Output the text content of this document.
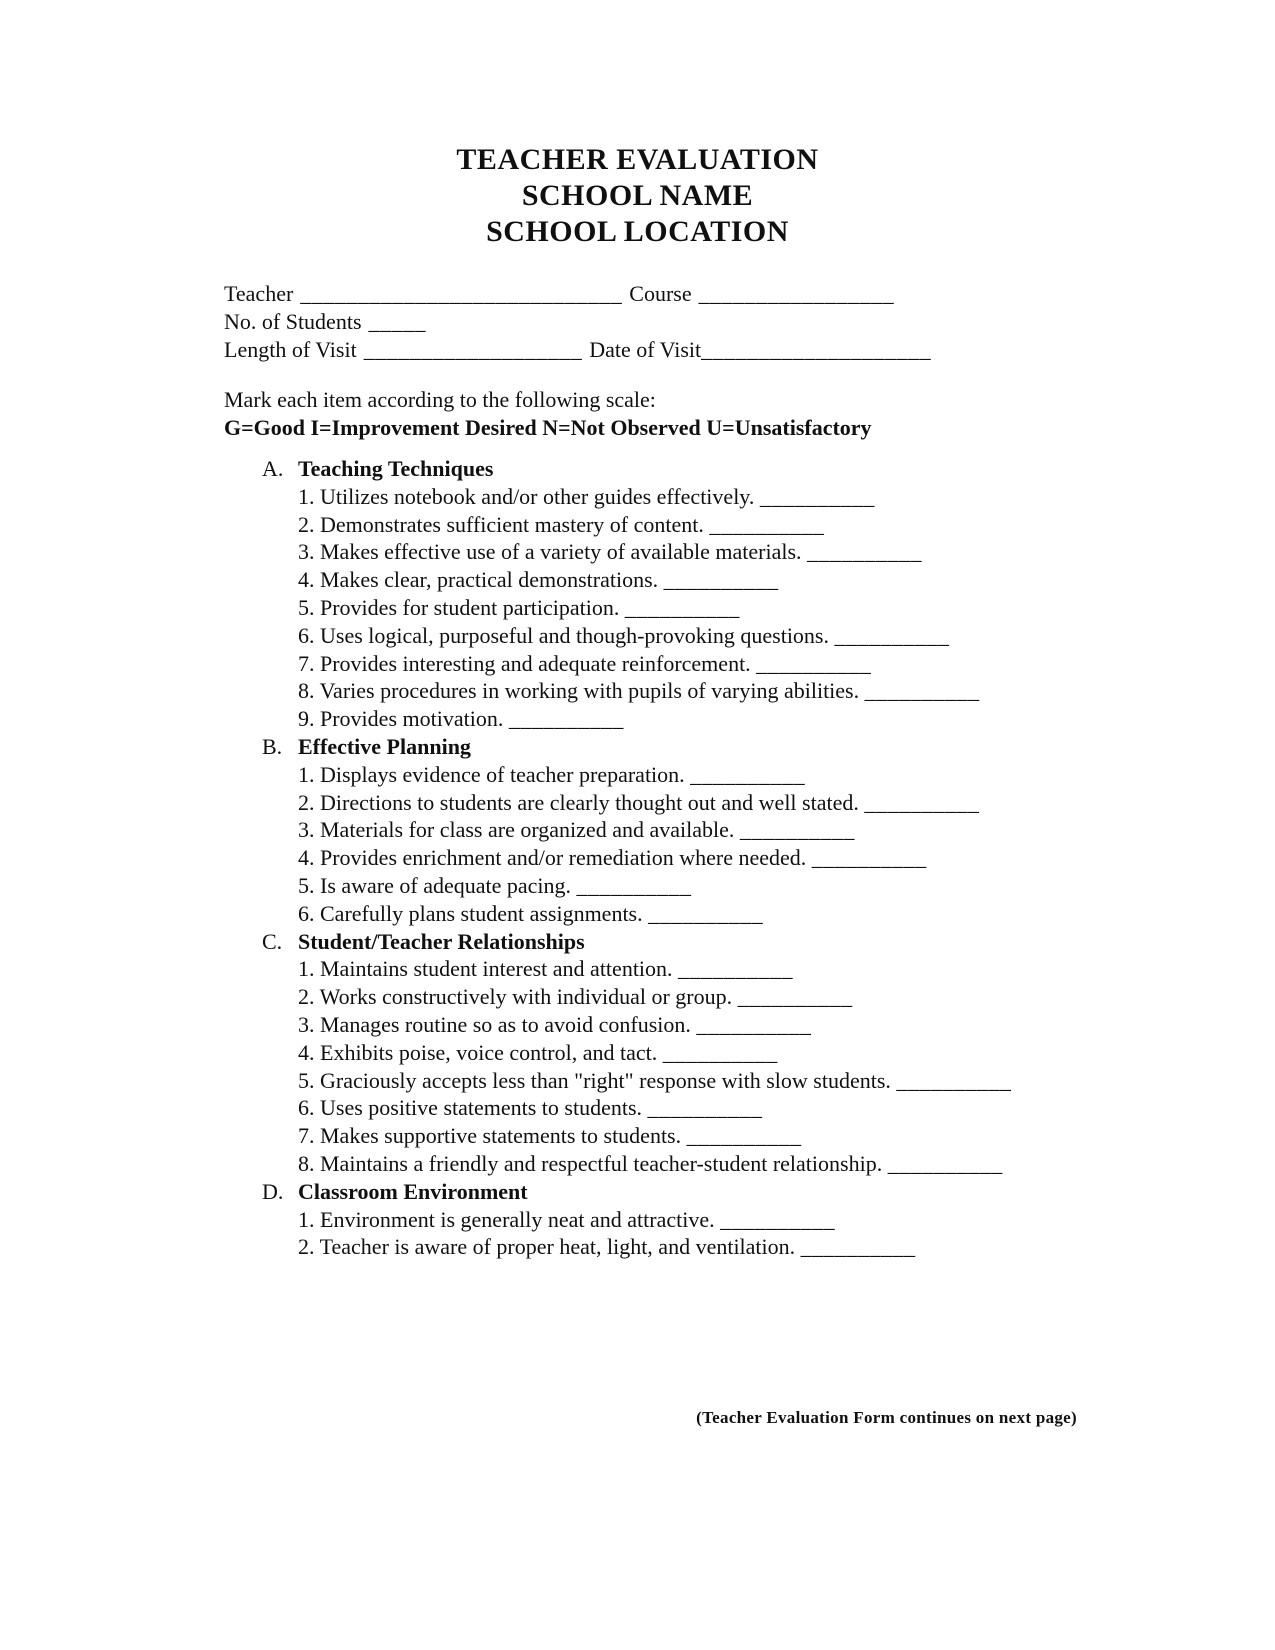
TEACHER EVALUATION
SCHOOL NAME
SCHOOL LOCATION
Teacher ____________________________ Course _________________
No. of Students _____
Length of Visit ___________________ Date of Visit____________________
Mark each item according to the following scale:
G=Good I=Improvement Desired N=Not Observed U=Unsatisfactory
A. Teaching Techniques
1. Utilizes notebook and/or other guides effectively. __________
2. Demonstrates sufficient mastery of content. __________
3. Makes effective use of a variety of available materials. __________
4. Makes clear, practical demonstrations. __________
5. Provides for student participation. __________
6. Uses logical, purposeful and though-provoking questions. __________
7. Provides interesting and adequate reinforcement. __________
8. Varies procedures in working with pupils of varying abilities. __________
9. Provides motivation. __________
B. Effective Planning
1. Displays evidence of teacher preparation. __________
2. Directions to students are clearly thought out and well stated. __________
3. Materials for class are organized and available. __________
4. Provides enrichment and/or remediation where needed. __________
5. Is aware of adequate pacing. __________
6. Carefully plans student assignments. __________
C. Student/Teacher Relationships
1. Maintains student interest and attention. __________
2. Works constructively with individual or group. __________
3. Manages routine so as to avoid confusion. __________
4. Exhibits poise, voice control, and tact. __________
5. Graciously accepts less than "right" response with slow students. __________
6. Uses positive statements to students. __________
7. Makes supportive statements to students. __________
8. Maintains a friendly and respectful teacher-student relationship. __________
D. Classroom Environment
1. Environment is generally neat and attractive. __________
2. Teacher is aware of proper heat, light, and ventilation. __________
(Teacher Evaluation Form continues on next page)
